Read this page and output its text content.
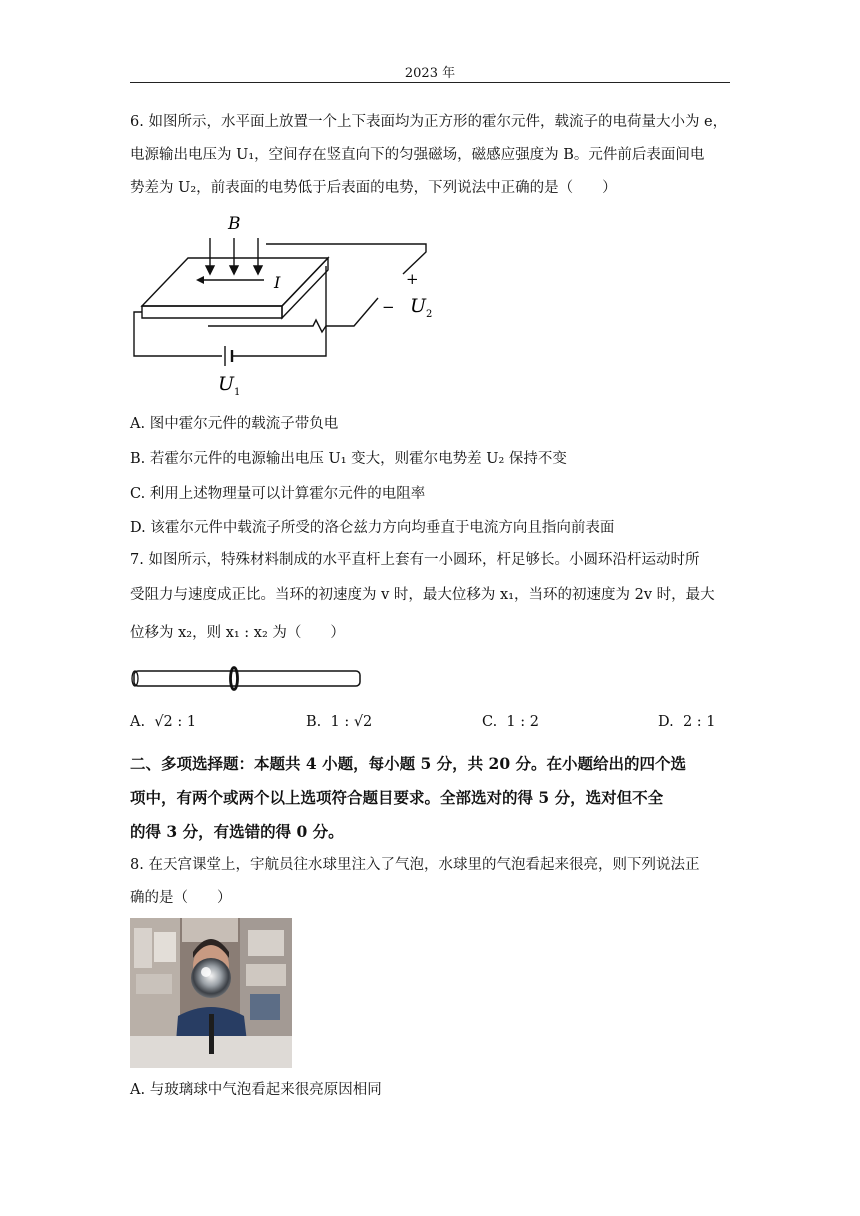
2023 年
6. 如图所示，水平面上放置一个上下表面均为正方形的霍尔元件，载流子的电荷量大小为 e，
电源输出电压为 U₁，空间存在竖直向下的匀强磁场，磁感应强度为 B。元件前后表面间电
势差为 U₂，前表面的电势低于后表面的电势，下列说法中正确的是（　　）
B
I
$U_1$
+
− $U_2$
A. 图中霍尔元件的载流子带负电
B. 若霍尔元件的电源输出电压 U₁ 变大，则霍尔电势差 U₂ 保持不变
C. 利用上述物理量可以计算霍尔元件的电阻率
D. 该霍尔元件中载流子所受的洛仑兹力方向均垂直于电流方向且指向前表面
7. 如图所示，特殊材料制成的水平直杆上套有一小圆环，杆足够长。小圆环沿杆运动时所
受阻力与速度成正比。当环的初速度为 v 时，最大位移为 x₁，当环的初速度为 2v 时，最大
位移为 x₂，则 x₁ : x₂ 为（　　）
A. √2 : 1	B. 1 : √2	C. 1 : 2	D. 2 : 1
二、多项选择题：本题共 4 小题，每小题 5 分，共 20 分。在小题给出的四个选
项中，有两个或两个以上选项符合题目要求。全部选对的得 5 分，选对但不全
的得 3 分，有选错的得 0 分。
8. 在天宫课堂上，宇航员往水球里注入了气泡，水球里的气泡看起来很亮，则下列说法正
确的是（　　）
A. 与玻璃球中气泡看起来很亮原因相同
